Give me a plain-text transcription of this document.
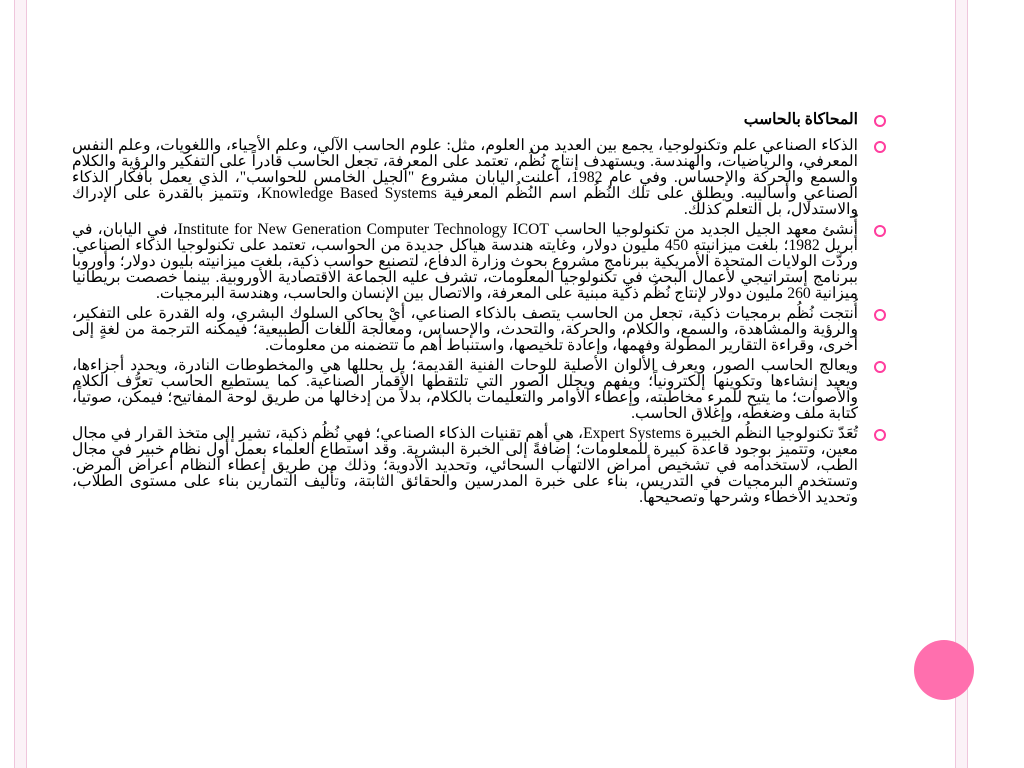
المحاكاة بالحاسب
الذكاء الصناعي علم وتكنولوجيا، يجمع بين العديد من العلوم، مثل: علوم الحاسب الآلي، وعلم الأحياء، واللغويات، وعلم النفس المعرفي، والرياضيات، والهندسة. ويستهدف إنتاج نُظُم، تعتمد على المعرفة، تجعل الحاسب قادراً على التفكير والرؤية والكلام والسمع والحركة والإحساس. وفي عام 1982، أعلنت اليابان مشروع "الجيل الخامس للحواسب"، الذي يعمل بأفكار الذكاء الصناعي وأساليبه. ويطلق على تلك النُظُم اسم النُظُم المعرفية Knowledge Based Systems، وتتميز بالقدرة على الإدراك والاستدلال، بل التعلم كذلك.
أُنشئ معهد الجيل الجديد من تكنولوجيا الحاسب Institute for New Generation Computer Technology ICOT، في اليابان، في أبريل 1982؛ بلغت ميزانيته 450 مليون دولار، وغايته هندسة هياكل جديدة من الحواسب، تعتمد على تكنولوجيا الذكاء الصناعي. وردّت الولايات المتحدة الأمريكية ببرنامج مشروع بحوث وزارة الدفاع، لتصنيع حواسب ذكية، بلغت ميزانيته بليون دولار؛ وأوروبا ببرنامج إستراتيجي لأعمال البحث في تكنولوجيا المعلومات، تشرف عليه الجماعة الاقتصادية الأوروبية. بينما خصصت بريطانيا ميزانية 260 مليون دولار لإنتاج نُظُم ذكية مبنية على المعرفة، والاتصال بين الإنسان والحاسب، وهندسة البرمجيات.
أُنتجت نُظُم برمجيات ذكية، تجعل من الحاسب يتصف بالذكاء الصناعي، أيْ يحاكي السلوك البشري، وله القدرة على التفكير، والرؤية والمشاهدة، والسمع، والكلام، والحركة، والتحدث، والإحساس، ومعالجة اللغات الطبيعية؛ فيمكنه الترجمة من لغةٍ إلى أخرى، وقراءة التقارير المطولة وفهمها، وإعادة تلخيصها، واستنباط أهم ما تتضمنه من معلومات.
ويعالج الحاسب الصور، ويعرف الألوان الأصلية للوحات الفنية القديمة؛ بل يحللها هي والمخطوطات النادرة، ويحدد أجزاءها، ويعيد إنشاءها وتكوينها إلكترونياً؛ ويفهم ويحلل الصور التي تلتقطها الأقمار الصناعية. كما يستطيع الحاسب تعرُّف الكلام والأصوات؛ ما يتيح للمرء مخاطبته، وإعطاء الأوامر والتعليمات بالكلام، بدلاً من إدخالها من طريق لوحة المفاتيح؛ فيمكن، صوتياً، كتابة ملف وضغطه، وإغلاق الحاسب.
تُعَدّ تكنولوجيا النظُم الخبيرة Expert Systems، هي أهم تقنيات الذكاء الصناعي؛ فهي نُظُم ذكية، تشير إلى متخذ القرار في مجال معين، وتتميز بوجود قاعدة كبيرة للمعلومات؛ إضافةً إلى الخبرة البشرية. وقد استطاع العلماء بعمل أول نظام خبير في مجال الطب، لاستخدامه في تشخيص أمراض الالتهاب السحائي، وتحديد الأدوية؛ وذلك من طريق إعطاء النظام أعراض المرض. وتستخدم البرمجيات في التدريس، بناء على خبرة المدرسين والحقائق الثابتة، وتأليف التمارين بناء على مستوى الطلاب، وتحديد الأخطاء وشرحها وتصحيحها.
